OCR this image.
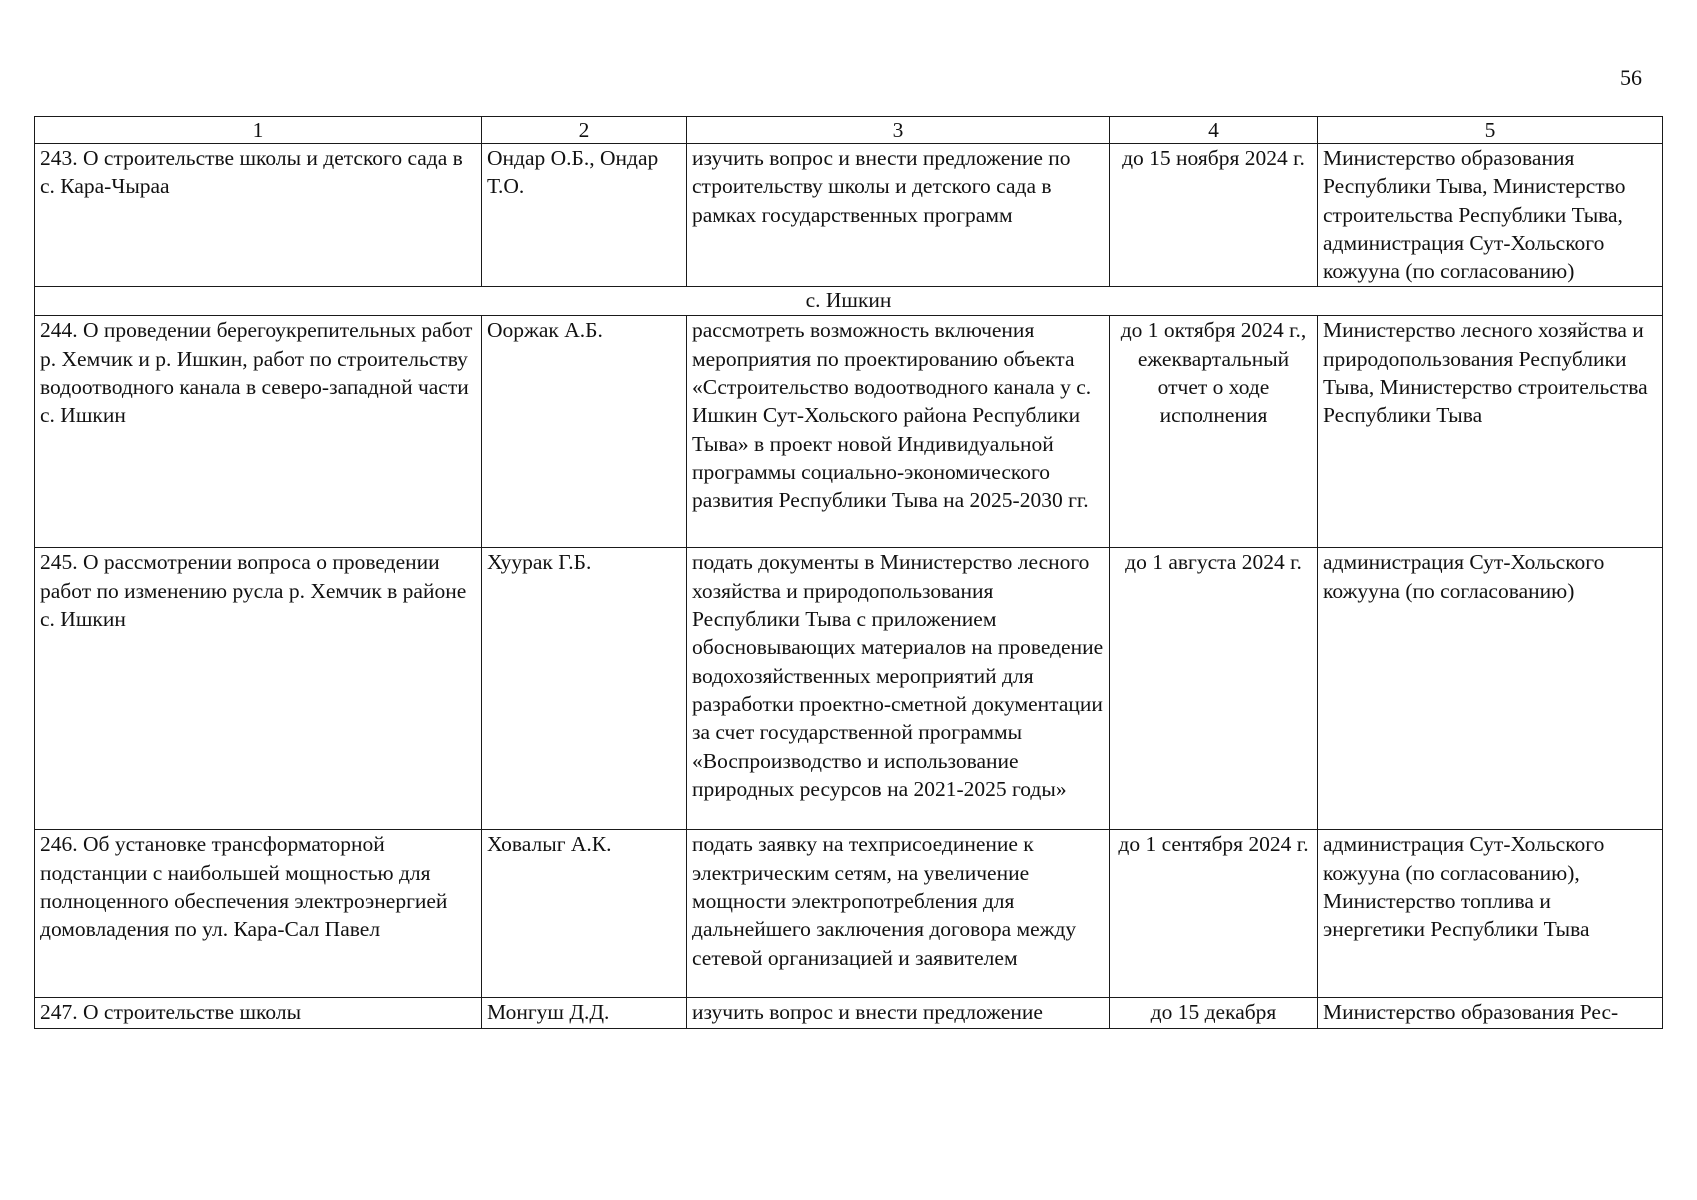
56
1	2	3	4	5
243. О строительстве школы и детского сада в с. Кара-Чыраа	Ондар О.Б., Ондар Т.О.	изучить вопрос и внести предложение по строительству школы и детского сада в рамках государственных программ	до 15 ноября 2024 г.	Министерство образования Республики Тыва, Министерство строительства Республики Тыва, администрация Сут-Хольского кожууна (по согласованию)
с. Ишкин				
244. О проведении берегоукрепительных работ р. Хемчик и р. Ишкин, работ по строительству водоотводного канала в северо-западной части с. Ишкин	Ооржак А.Б.	рассмотреть возможность включения мероприятия по проектированию объекта «Сстроительство водоотводного канала у с. Ишкин Сут-Хольского района Республики Тыва» в проект новой Индивидуальной программы социально-экономического развития Республики Тыва на 2025-2030 гг.	до 1 октября 2024 г., ежеквартальный отчет о ходе исполнения	Министерство лесного хозяйства и природопользования Республики Тыва, Министерство строительства Республики Тыва
245. О рассмотрении вопроса о проведении работ по изменению русла р. Хемчик в районе с. Ишкин	Хуурак Г.Б.	подать документы в Министерство лесного хозяйства и природопользования Республики Тыва с приложением обосновывающих материалов на проведение водохозяйственных мероприятий для разработки проектно-сметной документации за счет государственной программы «Воспроизводство и использование природных ресурсов на 2021-2025 годы»	до 1 августа 2024 г.	администрация Сут-Хольского кожууна (по согласованию)
246. Об установке трансформаторной подстанции с наибольшей мощностью для полноценного обеспечения электроэнергией домовладения по ул. Кара-Сал Павел	Ховалыг А.К.	подать заявку на техприсоединение к электрическим сетям, на увеличение мощности электропотребления для дальнейшего заключения договора между сетевой организацией и заявителем	до 1 сентября 2024 г.	администрация Сут-Хольского кожууна (по согласованию), Министерство топлива и энергетики Республики Тыва
247. О строительстве школы	Монгуш Д.Д.	изучить вопрос и внести предложение	до 15 декабря	Министерство образования Рес-
